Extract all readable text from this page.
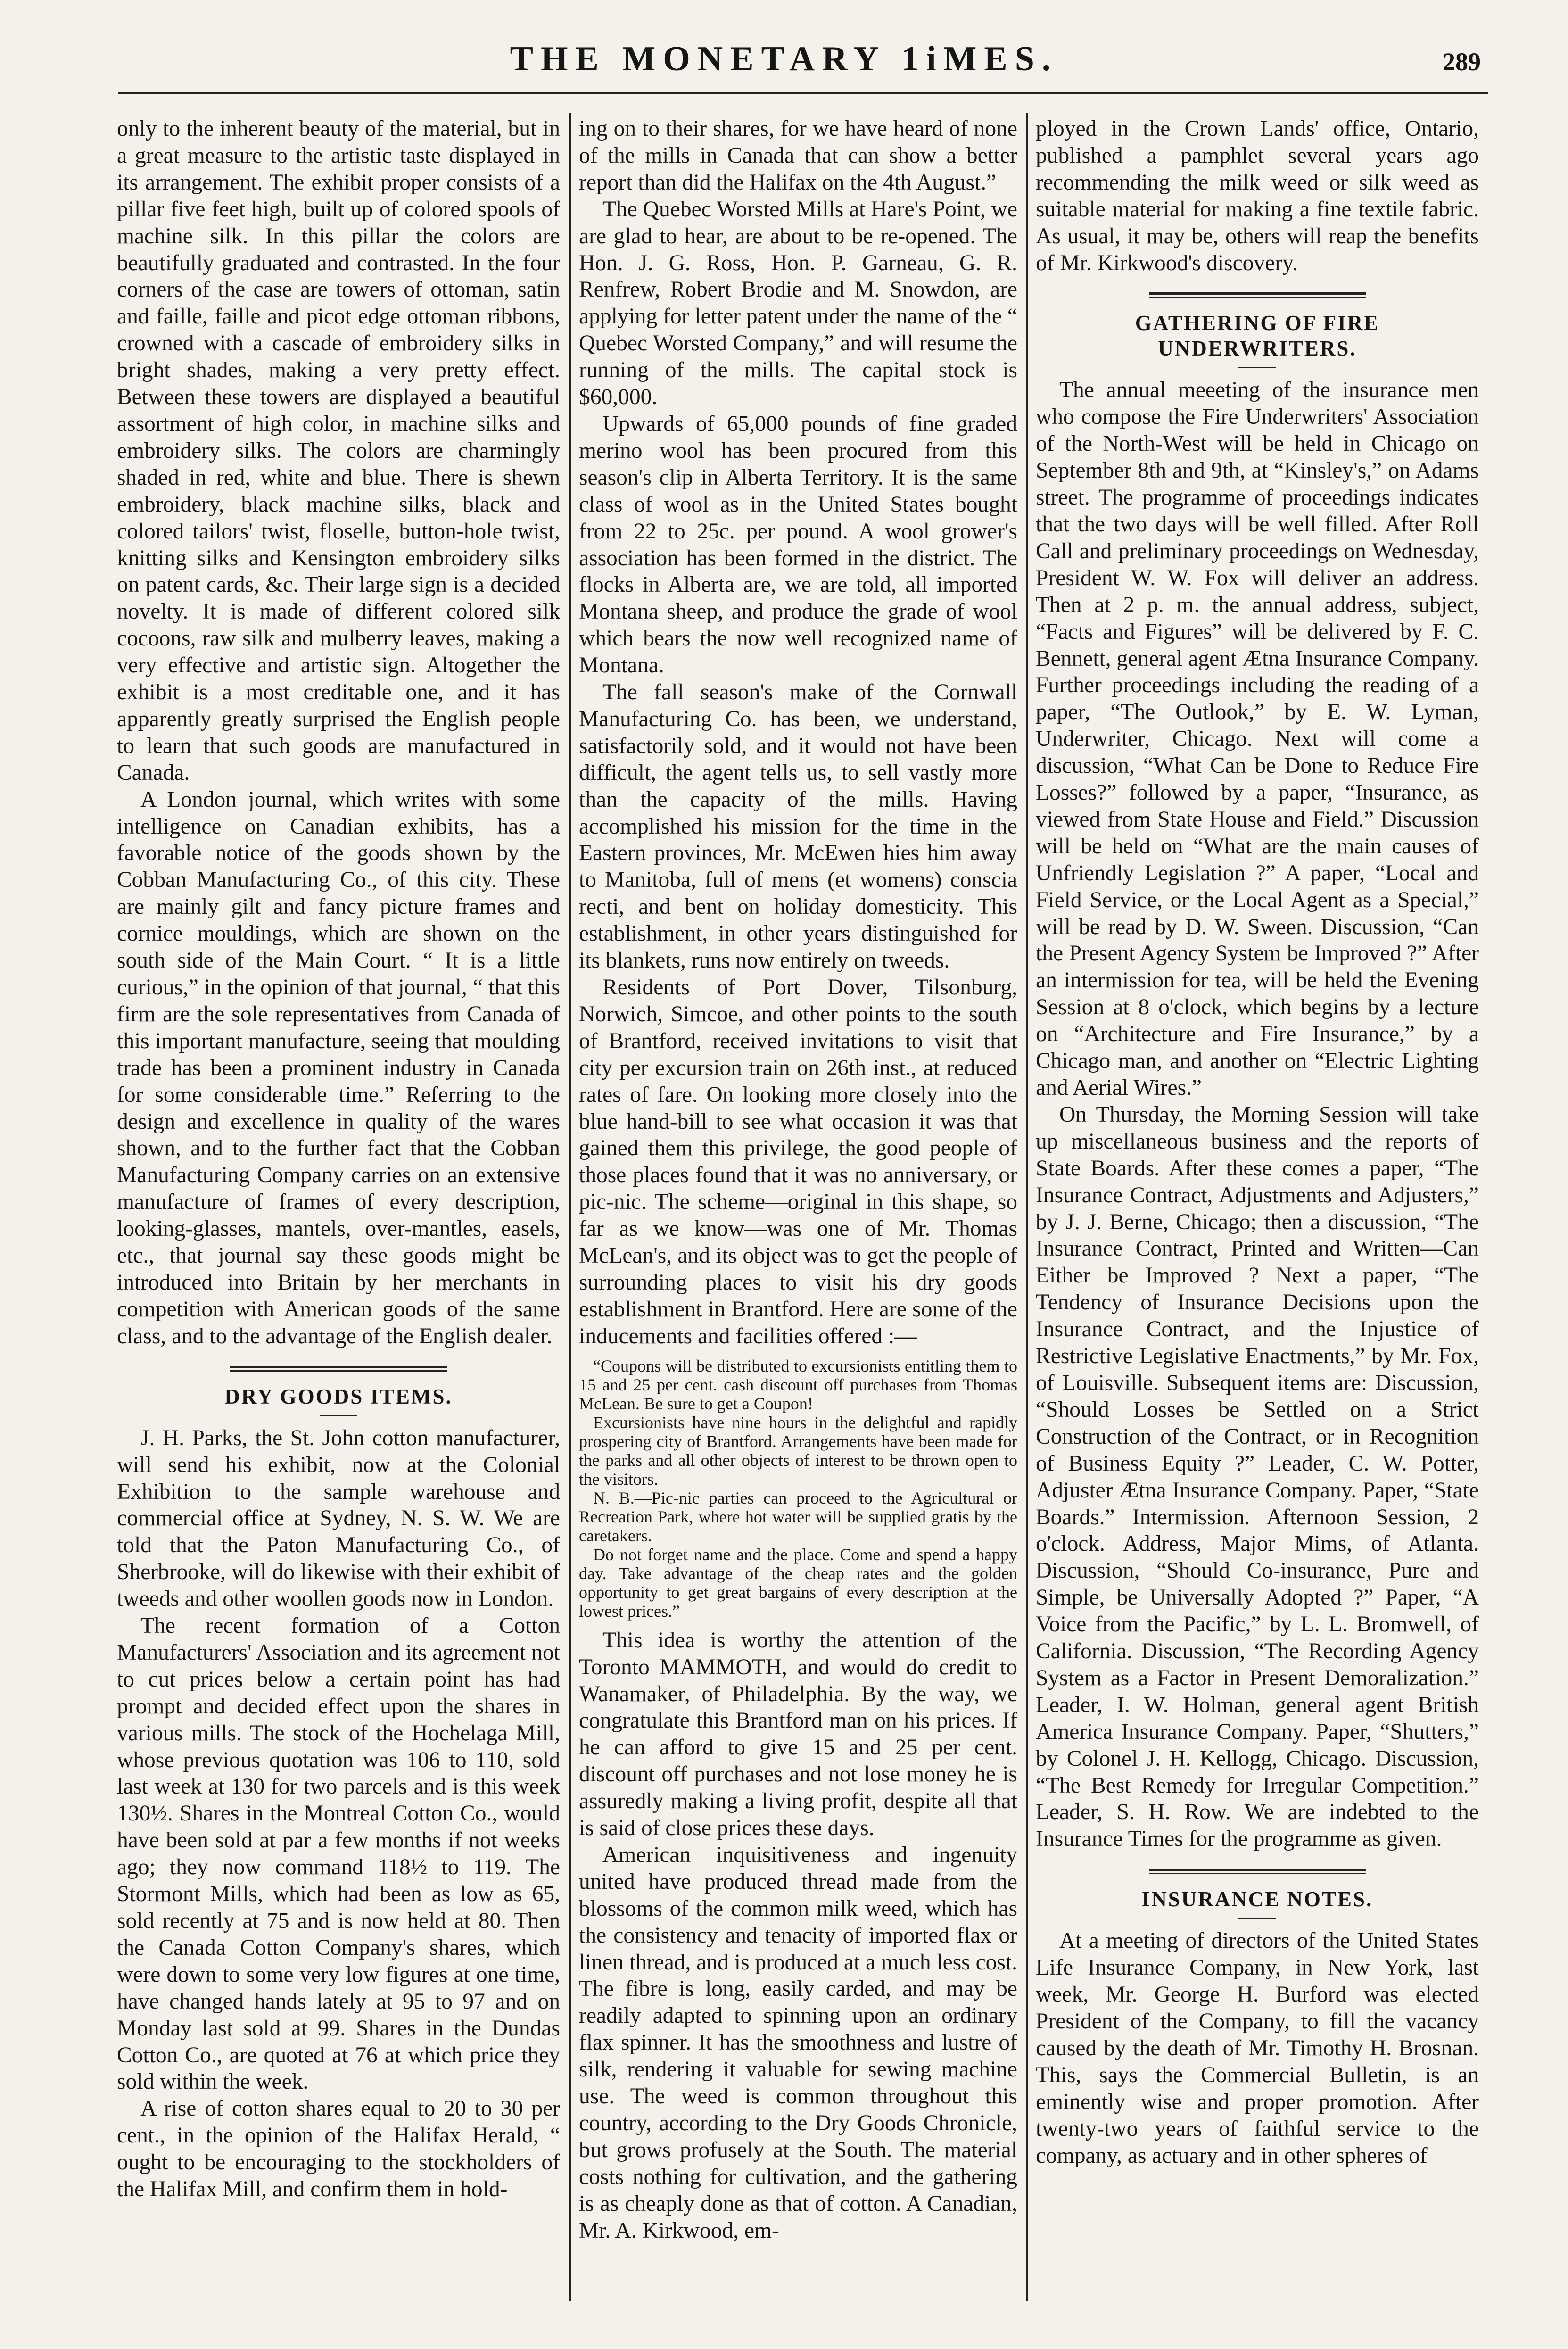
THE MONETARY 1iMES.	289

only to the inherent beauty of the material, but in a great measure to the artistic taste displayed in its arrangement. The exhibit proper consists of a pillar five feet high, built up of colored spools of machine silk. In this pillar the colors are beautifully graduated and contrasted. In the four corners of the case are towers of ottoman, satin and faille, faille and picot edge ottoman ribbons, crowned with a cascade of embroidery silks in bright shades, making a very pretty effect. Between these towers are displayed a beautiful assortment of high color, in machine silks and embroidery silks. The colors are charmingly shaded in red, white and blue. There is shewn embroidery, black machine silks, black and colored tailors' twist, floselle, button-hole twist, knitting silks and Kensington embroidery silks on patent cards, &c. Their large sign is a decided novelty. It is made of different colored silk cocoons, raw silk and mulberry leaves, making a very effective and artistic sign. Altogether the exhibit is a most creditable one, and it has apparently greatly surprised the English people to learn that such goods are manufactured in Canada.

A London journal, which writes with some intelligence on Canadian exhibits, has a favorable notice of the goods shown by the Cobban Manufacturing Co., of this city. These are mainly gilt and fancy picture frames and cornice mouldings, which are shown on the south side of the Main Court. “ It is a little curious,” in the opinion of that journal, “ that this firm are the sole representatives from Canada of this important manufacture, seeing that moulding trade has been a prominent industry in Canada for some considerable time.” Referring to the design and excellence in quality of the wares shown, and to the further fact that the Cobban Manufacturing Company carries on an extensive manufacture of frames of every description, looking-glasses, mantels, over-mantles, easels, etc., that journal say these goods might be introduced into Britain by her merchants in competition with American goods of the same class, and to the advantage of the English dealer.

DRY GOODS ITEMS.

J. H. Parks, the St. John cotton manufacturer, will send his exhibit, now at the Colonial Exhibition to the sample warehouse and commercial office at Sydney, N. S. W. We are told that the Paton Manufacturing Co., of Sherbrooke, will do likewise with their exhibit of tweeds and other woollen goods now in London.

The recent formation of a Cotton Manufacturers' Association and its agreement not to cut prices below a certain point has had prompt and decided effect upon the shares in various mills. The stock of the Hochelaga Mill, whose previous quotation was 106 to 110, sold last week at 130 for two parcels and is this week 130½. Shares in the Montreal Cotton Co., would have been sold at par a few months if not weeks ago; they now command 118½ to 119. The Stormont Mills, which had been as low as 65, sold recently at 75 and is now held at 80. Then the Canada Cotton Company's shares, which were down to some very low figures at one time, have changed hands lately at 95 to 97 and on Monday last sold at 99. Shares in the Dundas Cotton Co., are quoted at 76 at which price they sold within the week.

A rise of cotton shares equal to 20 to 30 per cent., in the opinion of the Halifax Herald, “ ought to be encouraging to the stockholders of the Halifax Mill, and confirm them in hold-

ing on to their shares, for we have heard of none of the mills in Canada that can show a better report than did the Halifax on the 4th August.”

The Quebec Worsted Mills at Hare's Point, we are glad to hear, are about to be re-opened. The Hon. J. G. Ross, Hon. P. Garneau, G. R. Renfrew, Robert Brodie and M. Snowdon, are applying for letter patent under the name of the “ Quebec Worsted Company,” and will resume the running of the mills. The capital stock is $60,000.

Upwards of 65,000 pounds of fine graded merino wool has been procured from this season's clip in Alberta Territory. It is the same class of wool as in the United States bought from 22 to 25c. per pound. A wool grower's association has been formed in the district. The flocks in Alberta are, we are told, all imported Montana sheep, and produce the grade of wool which bears the now well recognized name of Montana.

The fall season's make of the Cornwall Manufacturing Co. has been, we understand, satisfactorily sold, and it would not have been difficult, the agent tells us, to sell vastly more than the capacity of the mills. Having accomplished his mission for the time in the Eastern provinces, Mr. McEwen hies him away to Manitoba, full of mens (et womens) conscia recti, and bent on holiday domesticity. This establishment, in other years distinguished for its blankets, runs now entirely on tweeds.

Residents of Port Dover, Tilsonburg, Norwich, Simcoe, and other points to the south of Brantford, received invitations to visit that city per excursion train on 26th inst., at reduced rates of fare. On looking more closely into the blue hand-bill to see what occasion it was that gained them this privilege, the good people of those places found that it was no anniversary, or pic-nic. The scheme—original in this shape, so far as we know—was one of Mr. Thomas McLean's, and its object was to get the people of surrounding places to visit his dry goods establishment in Brantford. Here are some of the inducements and facilities offered :—

“Coupons will be distributed to excursionists entitling them to 15 and 25 per cent. cash discount off purchases from Thomas McLean. Be sure to get a Coupon!

Excursionists have nine hours in the delightful and rapidly prospering city of Brantford. Arrangements have been made for the parks and all other objects of interest to be thrown open to the visitors.

N. B.—Pic-nic parties can proceed to the Agricultural or Recreation Park, where hot water will be supplied gratis by the caretakers.

Do not forget name and the place. Come and spend a happy day. Take advantage of the cheap rates and the golden opportunity to get great bargains of every description at the lowest prices.”

This idea is worthy the attention of the Toronto MAMMOTH, and would do credit to Wanamaker, of Philadelphia. By the way, we congratulate this Brantford man on his prices. If he can afford to give 15 and 25 per cent. discount off purchases and not lose money he is assuredly making a living profit, despite all that is said of close prices these days.

American inquisitiveness and ingenuity united have produced thread made from the blossoms of the common milk weed, which has the consistency and tenacity of imported flax or linen thread, and is produced at a much less cost. The fibre is long, easily carded, and may be readily adapted to spinning upon an ordinary flax spinner. It has the smoothness and lustre of silk, rendering it valuable for sewing machine use. The weed is common throughout this country, according to the Dry Goods Chronicle, but grows profusely at the South. The material costs nothing for cultivation, and the gathering is as cheaply done as that of cotton. A Canadian, Mr. A. Kirkwood, em-

ployed in the Crown Lands' office, Ontario, published a pamphlet several years ago recommending the milk weed or silk weed as suitable material for making a fine textile fabric. As usual, it may be, others will reap the benefits of Mr. Kirkwood's discovery.

GATHERING OF FIRE UNDERWRITERS.

The annual meeeting of the insurance men who compose the Fire Underwriters' Association of the North-West will be held in Chicago on September 8th and 9th, at “Kinsley's,” on Adams street. The programme of proceedings indicates that the two days will be well filled. After Roll Call and preliminary proceedings on Wednesday, President W. W. Fox will deliver an address. Then at 2 p. m. the annual address, subject, “Facts and Figures” will be delivered by F. C. Bennett, general agent Ætna Insurance Company. Further proceedings including the reading of a paper, “The Outlook,” by E. W. Lyman, Underwriter, Chicago. Next will come a discussion, “What Can be Done to Reduce Fire Losses?” followed by a paper, “Insurance, as viewed from State House and Field.” Discussion will be held on “What are the main causes of Unfriendly Legislation ?” A paper, “Local and Field Service, or the Local Agent as a Special,” will be read by D. W. Sween. Discussion, “Can the Present Agency System be Improved ?” After an intermission for tea, will be held the Evening Session at 8 o'clock, which begins by a lecture on “Architecture and Fire Insurance,” by a Chicago man, and another on “Electric Lighting and Aerial Wires.”

On Thursday, the Morning Session will take up miscellaneous business and the reports of State Boards. After these comes a paper, “The Insurance Contract, Adjustments and Adjusters,” by J. J. Berne, Chicago; then a discussion, “The Insurance Contract, Printed and Written—Can Either be Improved ? Next a paper, “The Tendency of Insurance Decisions upon the Insurance Contract, and the Injustice of Restrictive Legislative Enactments,” by Mr. Fox, of Louisville. Subsequent items are: Discussion, “Should Losses be Settled on a Strict Construction of the Contract, or in Recognition of Business Equity ?” Leader, C. W. Potter, Adjuster Ætna Insurance Company. Paper, “State Boards.” Intermission. Afternoon Session, 2 o'clock. Address, Major Mims, of Atlanta. Discussion, “Should Co-insurance, Pure and Simple, be Universally Adopted ?” Paper, “A Voice from the Pacific,” by L. L. Bromwell, of California. Discussion, “The Recording Agency System as a Factor in Present Demoralization.” Leader, I. W. Holman, general agent British America Insurance Company. Paper, “Shutters,” by Colonel J. H. Kellogg, Chicago. Discussion, “The Best Remedy for Irregular Competition.” Leader, S. H. Row. We are indebted to the Insurance Times for the programme as given.

INSURANCE NOTES.

At a meeting of directors of the United States Life Insurance Company, in New York, last week, Mr. George H. Burford was elected President of the Company, to fill the vacancy caused by the death of Mr. Timothy H. Brosnan. This, says the Commercial Bulletin, is an eminently wise and proper promotion. After twenty-two years of faithful service to the company, as actuary and in other spheres of
